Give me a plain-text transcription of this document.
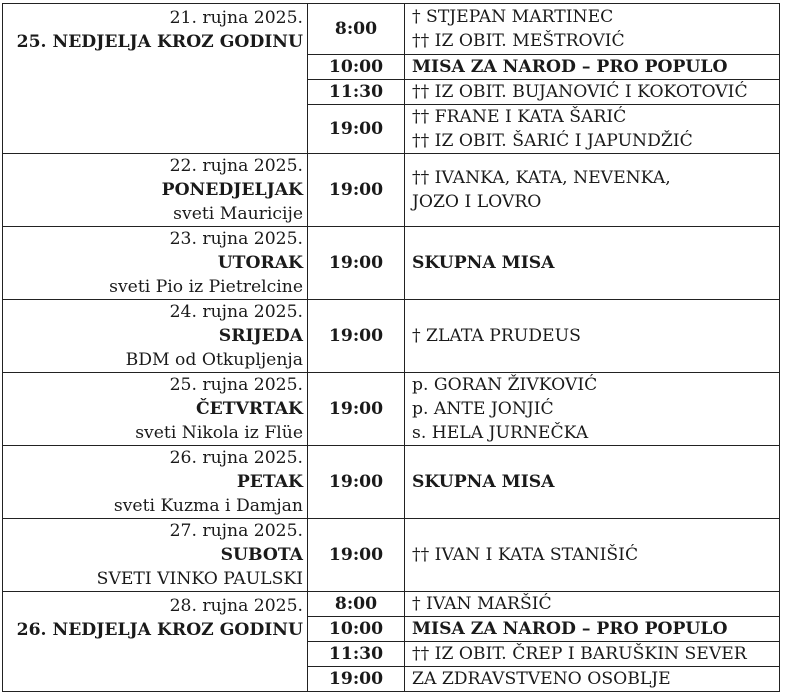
21. rujna 2025.
25. NEDJELJA KROZ GODINU	8:00	† STJEPAN MARTINEC
†† IZ OBIT. MEŠTROVIĆ

	10:00	MISA ZA NAROD – PRO POPULO

	11:30	†† IZ OBIT. BUJANOVIĆ I KOKOTOVIĆ

	19:00	†† FRANE I KATA ŠARIĆ
†† IZ OBIT. ŠARIĆ I JAPUNDŽIĆ

22. rujna 2025.
PONEDJELJAK
sveti Mauricije	19:00	†† IVANKA, KATA, NEVENKA,
JOZO I LOVRO

23. rujna 2025.
UTORAK
sveti Pio iz Pietrelcine	19:00	SKUPNA MISA

24. rujna 2025.
SRIJEDA
BDM od Otkupljenja	19:00	† ZLATA PRUDEUS

25. rujna 2025.
ČETVRTAK
sveti Nikola iz Flüe	19:00	p. GORAN ŽIVKOVIĆ
p. ANTE JONJIĆ
s. HELA JURNEČKA

26. rujna 2025.
PETAK
sveti Kuzma i Damjan	19:00	SKUPNA MISA

27. rujna 2025.
SUBOTA
SVETI VINKO PAULSKI	19:00	†† IVAN I KATA STANIŠIĆ

28. rujna 2025.
26. NEDJELJA KROZ GODINU	8:00	† IVAN MARŠIĆ

	10:00	MISA ZA NAROD – PRO POPULO

	11:30	†† IZ OBIT. ČREP I BARUŠKIN SEVER

	19:00	ZA ZDRAVSTVENO OSOBLJE
